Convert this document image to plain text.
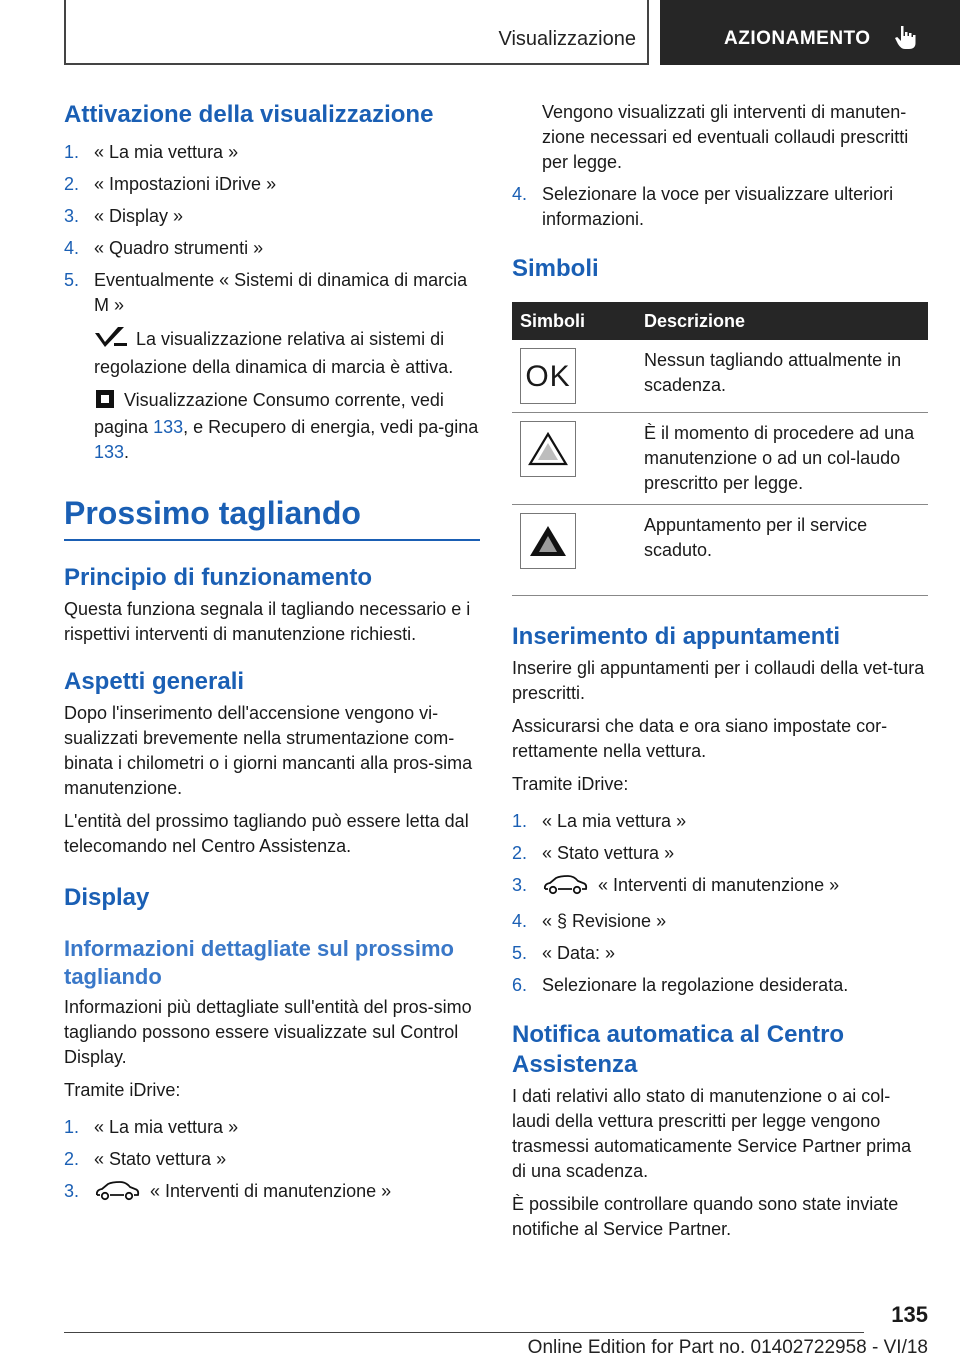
Visualizzazione	AZIONAMENTO
Attivazione della visualizzazione
1. « La mia vettura »
2. « Impostazioni iDrive »
3. « Display »
4. « Quadro strumenti »
5. Eventualmente « Sistemi di dinamica di marcia M »

La visualizzazione relativa ai sistemi di regolazione della dinamica di marcia è attiva.

Visualizzazione Consumo corrente, vedi pagina 133, e Recupero di energia, vedi pa-gina 133.

Prossimo tagliando
Principio di funzionamento

Questa funziona segnala il tagliando necessario e i rispettivi interventi di manutenzione richiesti.

Aspetti generali

Dopo l'inserimento dell'accensione vengono vi-sualizzati brevemente nella strumentazione com-binata i chilometri o i giorni mancanti alla pros-sima manutenzione.

L'entità del prossimo tagliando può essere letta dal telecomando nel Centro Assistenza.

Display
Informazioni dettagliate sul prossimo tagliando

Informazioni più dettagliate sull'entità del pros-simo tagliando possono essere visualizzate sul Control Display.

Tramite iDrive:

1. « La mia vettura »
2. « Stato vettura »
3.	« Interventi di manutenzione »
Vengono visualizzati gli interventi di manuten-zione necessari ed eventuali collaudi prescritti per legge.
4. Selezionare la voce per visualizzare ulteriori informazioni.
Simboli
Simboli	Descrizione

OK	Nessun tagliando attualmente in scadenza.

	È il momento di procedere ad una manutenzione o ad un col-laudo prescritto per legge.

	Appuntamento per il service scaduto.
Inserimento di appuntamenti

Inserire gli appuntamenti per i collaudi della vet-tura prescritti.

Assicurarsi che data e ora siano impostate cor-rettamente nella vettura.

Tramite iDrive:

1. « La mia vettura »
2. « Stato vettura »
3.	« Interventi di manutenzione »
4. « § Revisione »
5. « Data: »
6. Selezionare la regolazione desiderata.
Notifica automatica al Centro Assistenza

I dati relativi allo stato di manutenzione o ai col-laudi della vettura prescritti per legge vengono trasmessi automaticamente Service Partner prima di una scadenza.

È possibile controllare quando sono state inviate notifiche al Service Partner.

135
Online Edition for Part no. 01402722958 - VI/18
